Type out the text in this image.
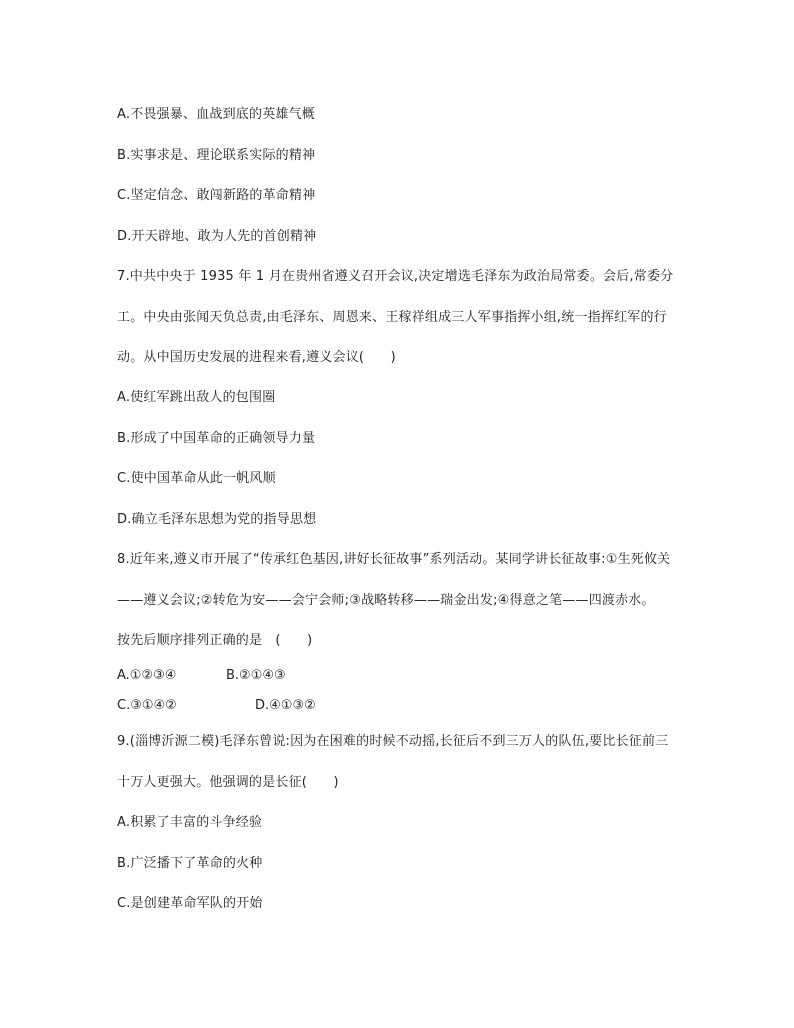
A.不畏强暴、血战到底的英雄气概
B.实事求是、理论联系实际的精神
C.坚定信念、敢闯新路的革命精神
D.开天辟地、敢为人先的首创精神
7.中共中央于 1935 年 1 月在贵州省遵义召开会议,决定增选毛泽东为政治局常委。会后,常委分
工。中央由张闻天负总责,由毛泽东、周恩来、王稼祥组成三人军事指挥小组,统一指挥红军的行
动。从中国历史发展的进程来看,遵义会议(　　)
A.使红军跳出敌人的包围圈
B.形成了中国革命的正确领导力量
C.使中国革命从此一帆风顺
D.确立毛泽东思想为党的指导思想
8.近年来,遵义市开展了“传承红色基因,讲好长征故事”系列活动。某同学讲长征故事:①生死攸关
——遵义会议;②转危为安——会宁会师;③战略转移——瑞金出发;④得意之笔——四渡赤水。
按先后顺序排列正确的是　(　　)
A.①②③④	B.②①④③
C.③①④②	D.④①③②
9.(淄博沂源二模)毛泽东曾说:因为在困难的时候不动摇,长征后不到三万人的队伍,要比长征前三
十万人更强大。他强调的是长征(　　)
A.积累了丰富的斗争经验
B.广泛播下了革命的火种
C.是创建革命军队的开始
